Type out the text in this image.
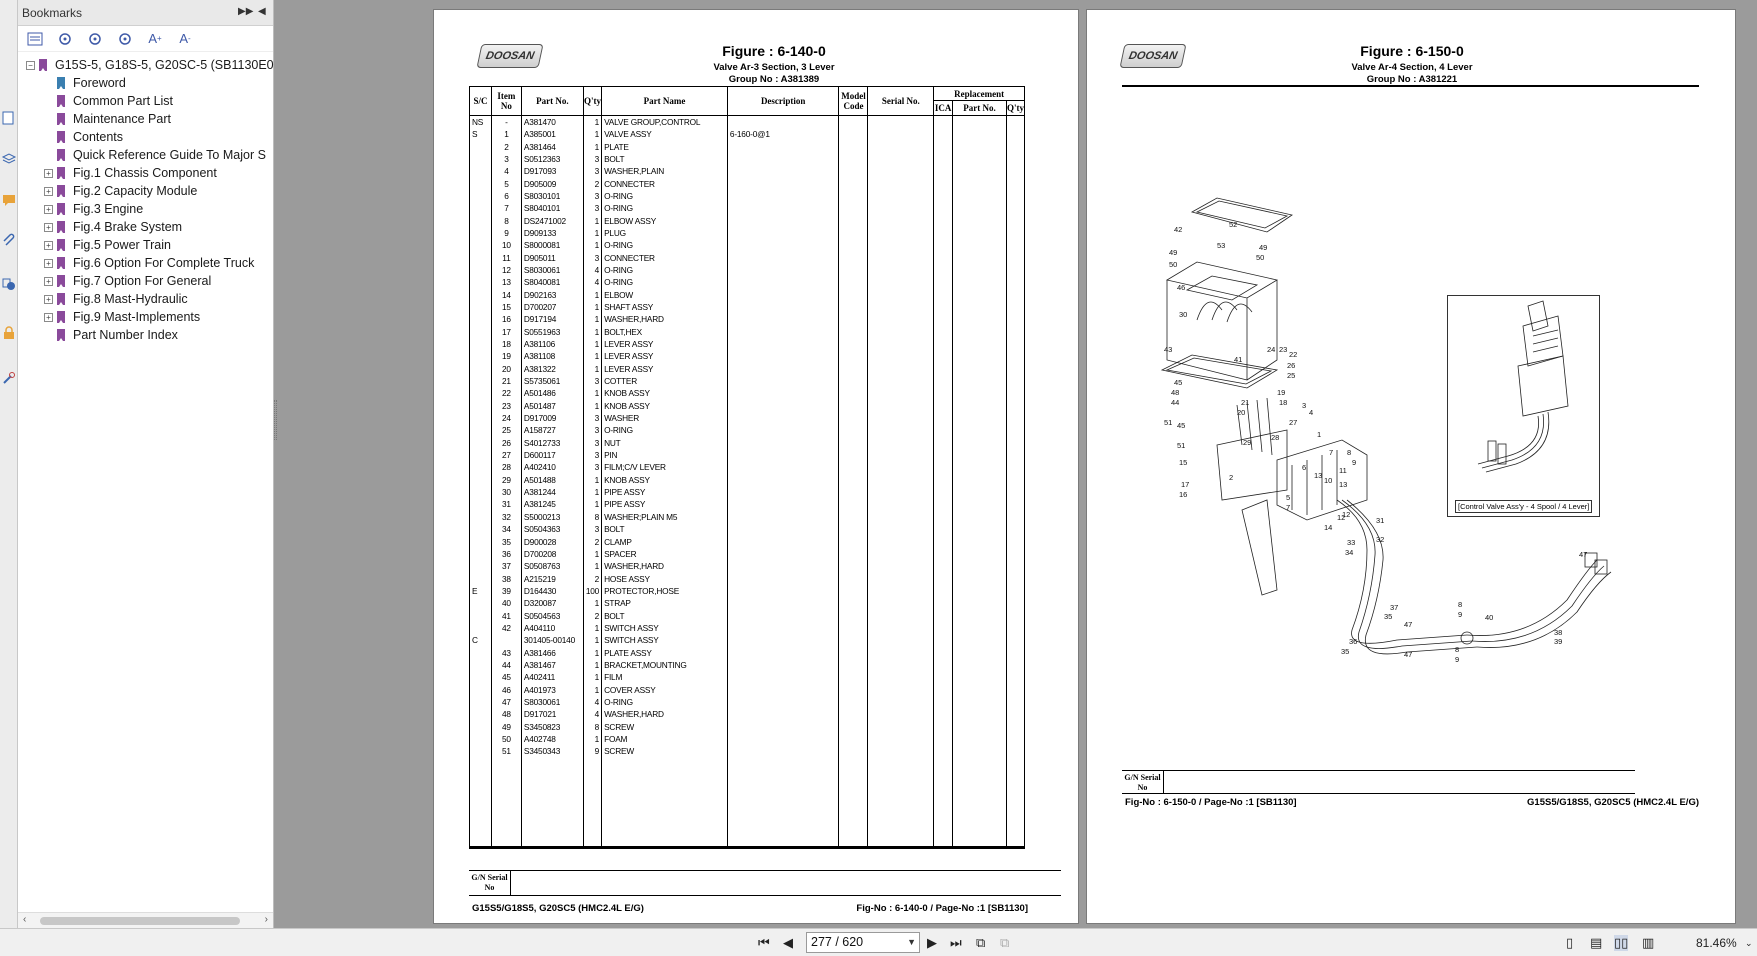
Bookmarks	▶▶ ◀
A + A -
− G15S-5, G18S-5, G20SC-5 (SB1130E0
Foreword
Common Part List
Maintenance Part
Contents
Quick Reference Guide To Major S
+ Fig.1 Chassis Component
+ Fig.2 Capacity Module
+ Fig.3 Engine
+ Fig.4 Brake System
+ Fig.5 Power Train
+ Fig.6 Option For Complete Truck
+ Fig.7 Option For General
+ Fig.8 Mast-Hydraulic
+ Fig.9 Mast-Implements
Part Number Index
‹	›
DOOSAN	Figure : 6-140-0
Valve Ar-3 Section, 3 Lever
Group No : A381389
S/C	Item No	Part No.	Q'ty	Part Name	Description	Model Code	Serial No.	Replacement		
								ICA	Part No.	Q'ty
NS	-	A381470	1	VALVE GROUP,CONTROL						
S	1	A385001	1	VALVE ASSY	6-160-0@1					
	2	A381464	1	PLATE						
	3	S0512363	3	BOLT						
	4	D917093	3	WASHER,PLAIN						
	5	D905009	2	CONNECTER						
	6	S8030101	3	O-RING						
	7	S8040101	3	O-RING						
	8	DS2471002	1	ELBOW ASSY						
	9	D909133	1	PLUG						
	10	S8000081	1	O-RING						
	11	D905011	3	CONNECTER						
	12	S8030061	4	O-RING						
	13	S8040081	4	O-RING						
	14	D902163	1	ELBOW						
	15	D700207	1	SHAFT ASSY						
	16	D917194	1	WASHER,HARD						
	17	S0551963	1	BOLT,HEX						
	18	A381106	1	LEVER ASSY						
	19	A381108	1	LEVER ASSY						
	20	A381322	1	LEVER ASSY						
	21	S5735061	3	COTTER						
	22	A501486	1	KNOB ASSY						
	23	A501487	1	KNOB ASSY						
	24	D917009	3	WASHER						
	25	A158727	3	O-RING						
	26	S4012733	3	NUT						
	27	D600117	3	PIN						
	28	A402410	3	FILM;C/V LEVER						
	29	A501488	1	KNOB ASSY						
	30	A381244	1	PIPE ASSY						
	31	A381245	1	PIPE ASSY						
	32	S5000213	8	WASHER;PLAIN M5						
	34	S0504363	3	BOLT						
	35	D900028	2	CLAMP						
	36	D700208	1	SPACER						
	37	S0508763	1	WASHER,HARD						
	38	A215219	2	HOSE ASSY						
E	39	D164430	100	PROTECTOR,HOSE						
	40	D320087	1	STRAP						
	41	S0504563	2	BOLT						
	42	A404110	1	SWITCH ASSY						
C		301405-00140	1	SWITCH ASSY						
	43	A381466	1	PLATE ASSY						
	44	A381467	1	BRACKET,MOUNTING						
	45	A402411	1	FILM						
	46	A401973	1	COVER ASSY						
	47	S8030061	4	O-RING						
	48	D917021	4	WASHER,HARD						
	49	S3450823	8	SCREW						
	50	A402748	1	FOAM						
	51	S3450343	9	SCREW						

G/N Serial No
G15S5/G18S5, G20SC5 (HMC2.4L E/G)	Fig-No : 6-140-0 / Page-No :1 [SB1130]
DOOSAN	Figure : 6-150-0
Valve Ar-4 Section, 4 Lever
Group No : A381221
52
42
53	49
50
49
50
46
30
43
41
24 23
22
26
25
45
48
21
20
19
18
44
51 45	27
3
4
29
28
51
15
1
7 8
9
2
17
16
13
11
10
6
5
7
13
12
14
12
31
32
34
33
37
35
47
8
9	40
36
35	47
8
9
38
39
47
[Control Valve Ass'y - 4 Spool / 4 Lever]
G/N Serial No
Fig-No : 6-150-0 / Page-No :1 [SB1130]	G15S5/G18S5, G20SC5 (HMC2.4L E/G)
⏮ ◀	277 / 620	▼ ▶ ⏭ ⧉ ⧉	▯ ▤ ▯▯ ▥	81.46% ⌄
